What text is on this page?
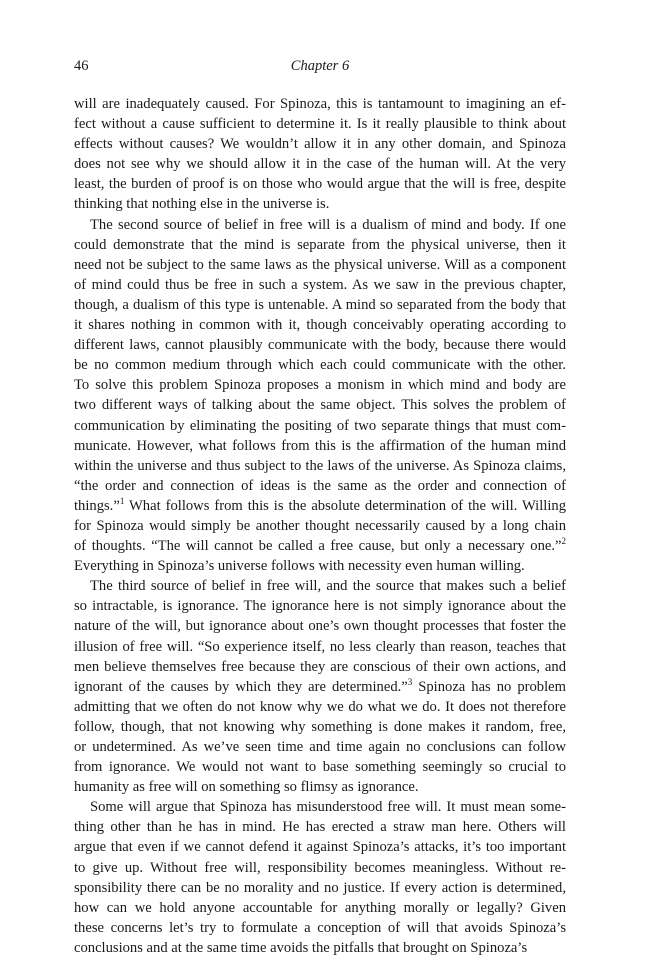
46	Chapter 6
will are inadequately caused. For Spinoza, this is tantamount to imagining an ef-
fect without a cause sufficient to determine it. Is it really plausible to think about
effects without causes? We wouldn’t allow it in any other domain, and Spinoza
does not see why we should allow it in the case of the human will. At the very
least, the burden of proof is on those who would argue that the will is free, despite
thinking that nothing else in the universe is.
The second source of belief in free will is a dualism of mind and body. If one
could demonstrate that the mind is separate from the physical universe, then it
need not be subject to the same laws as the physical universe. Will as a component
of mind could thus be free in such a system. As we saw in the previous chapter,
though, a dualism of this type is untenable. A mind so separated from the body that
it shares nothing in common with it, though conceivably operating according to
different laws, cannot plausibly communicate with the body, because there would
be no common medium through which each could communicate with the other.
To solve this problem Spinoza proposes a monism in which mind and body are
two different ways of talking about the same object. This solves the problem of
communication by eliminating the positing of two separate things that must com-
municate. However, what follows from this is the affirmation of the human mind
within the universe and thus subject to the laws of the universe. As Spinoza claims,
“the order and connection of ideas is the same as the order and connection of
things.”$^1$ What follows from this is the absolute determination of the will. Willing
for Spinoza would simply be another thought necessarily caused by a long chain
of thoughts. “The will cannot be called a free cause, but only a necessary one.”$^2$
Everything in Spinoza’s universe follows with necessity even human willing.
The third source of belief in free will, and the source that makes such a belief
so intractable, is ignorance. The ignorance here is not simply ignorance about the
nature of the will, but ignorance about one’s own thought processes that foster the
illusion of free will. “So experience itself, no less clearly than reason, teaches that
men believe themselves free because they are conscious of their own actions, and
ignorant of the causes by which they are determined.”$^3$ Spinoza has no problem
admitting that we often do not know why we do what we do. It does not therefore
follow, though, that not knowing why something is done makes it random, free,
or undetermined. As we’ve seen time and time again no conclusions can follow
from ignorance. We would not want to base something seemingly so crucial to
humanity as free will on something so flimsy as ignorance.
Some will argue that Spinoza has misunderstood free will. It must mean some-
thing other than he has in mind. He has erected a straw man here. Others will
argue that even if we cannot defend it against Spinoza’s attacks, it’s too important
to give up. Without free will, responsibility becomes meaningless. Without re-
sponsibility there can be no morality and no justice. If every action is determined,
how can we hold anyone accountable for anything morally or legally? Given
these concerns let’s try to formulate a conception of will that avoids Spinoza’s
conclusions and at the same time avoids the pitfalls that brought on Spinoza’s
